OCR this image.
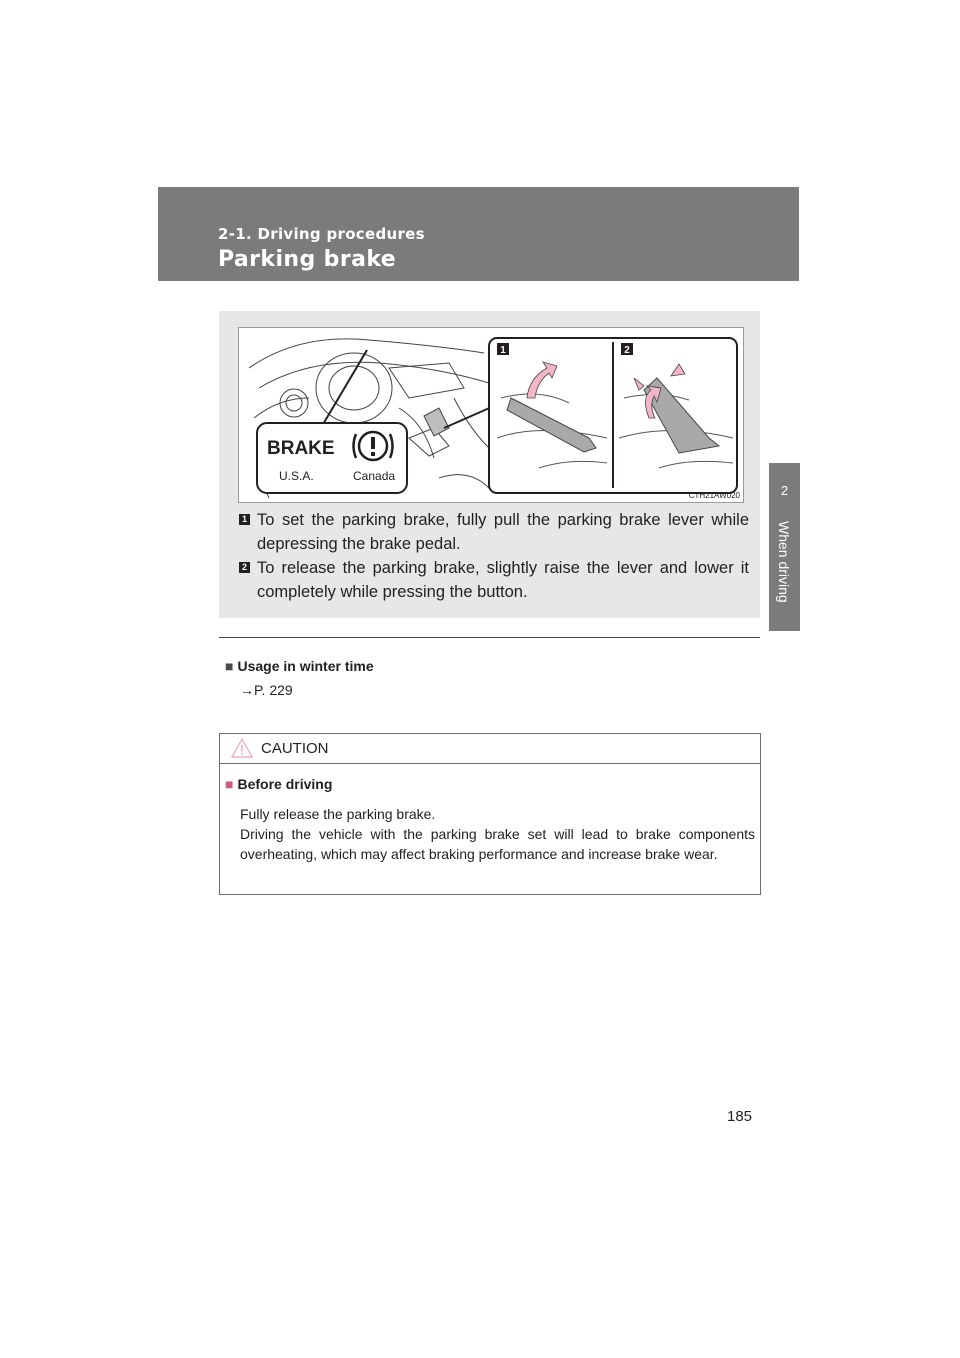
2-1. Driving procedures
Parking brake
2
When driving
1	2
BRAKE
U.S.A.	Canada
CTH21AW020
1 To set the parking brake, fully pull the parking brake lever while depressing the brake pedal.
2 To release the parking brake, slightly raise the lever and lower it completely while pressing the button.
■ Usage in winter time
→P. 229
CAUTION
■ Before driving
Fully release the parking brake.
Driving the vehicle with the parking brake set will lead to brake components overheating, which may affect braking performance and increase brake wear.
185
